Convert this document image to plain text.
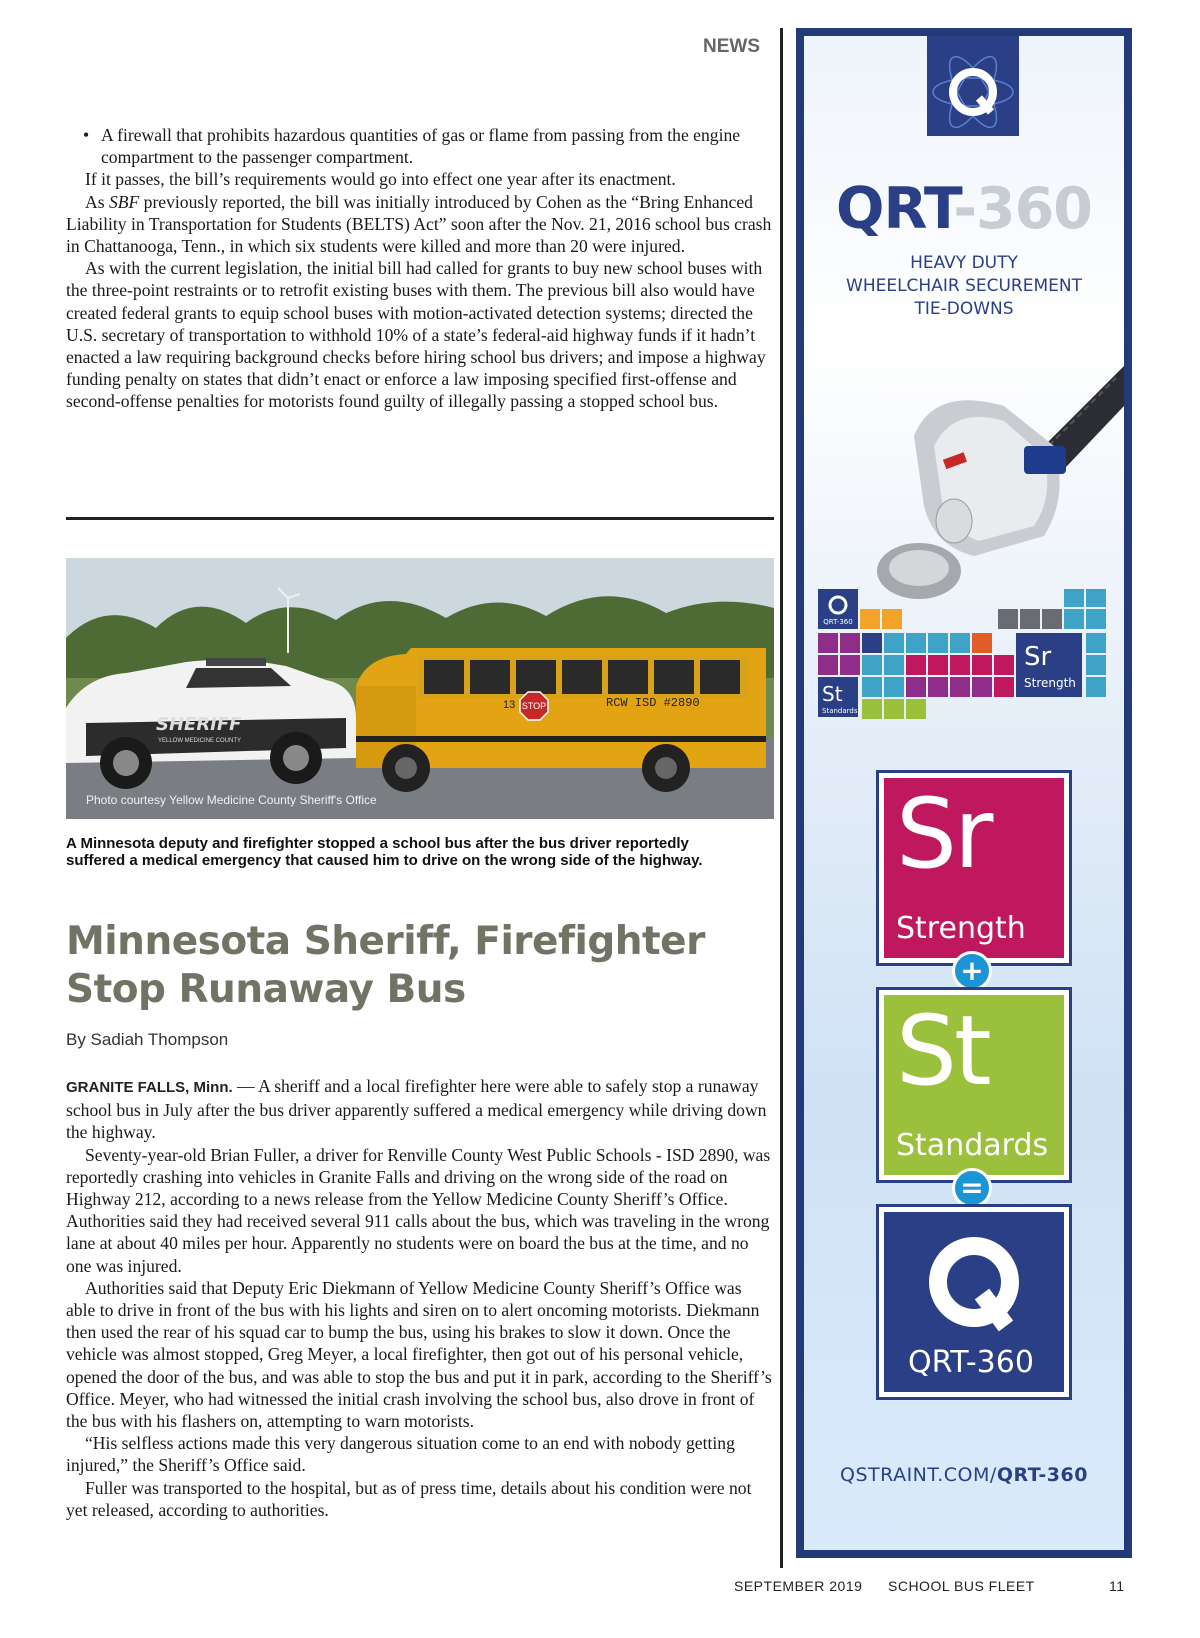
NEWS

• A firewall that prohibits hazardous quantities of gas or flame from passing from the engine compartment to the passenger compartment.

If it passes, the bill’s requirements would go into effect one year after its enactment.

As SBF previously reported, the bill was initially introduced by Cohen as the “Bring Enhanced Liability in Transportation for Students (BELTS) Act” soon after the Nov. 21, 2016 school bus crash in Chattanooga, Tenn., in which six students were killed and more than 20 were injured.

As with the current legislation, the initial bill had called for grants to buy new school buses with the three-point restraints or to retrofit existing buses with them. The previous bill also would have created federal grants to equip school buses with motion-activated detection systems; directed the U.S. secretary of transportation to withhold 10% of a state’s federal-aid highway funds if it hadn’t enacted a law requiring background checks before hiring school bus drivers; and impose a highway funding penalty on states that didn’t enact or enforce a law imposing specified first-offense and second-offense penalties for motorists found guilty of illegally passing a stopped school bus.

STOP
13	RCW ISD #2890
SHERIFF
YELLOW MEDICINE COUNTY
Photo courtesy Yellow Medicine County Sheriff's Office
A Minnesota deputy and firefighter stopped a school bus after the bus driver reportedly suffered a medical emergency that caused him to drive on the wrong side of the highway.
Minnesota Sheriff, Firefighter
Stop Runaway Bus
By Sadiah Thompson

GRANITE FALLS, Minn. — A sheriff and a local firefighter here were able to safely stop a runaway school bus in July after the bus driver apparently suffered a medical emergency while driving down the highway.

Seventy-year-old Brian Fuller, a driver for Renville County West Public Schools - ISD 2890, was reportedly crashing into vehicles in Granite Falls and driving on the wrong side of the road on Highway 212, according to a news release from the Yellow Medicine County Sheriff’s Office. Authorities said they had received several 911 calls about the bus, which was traveling in the wrong lane at about 40 miles per hour. Apparently no students were on board the bus at the time, and no one was injured.

Authorities said that Deputy Eric Diekmann of Yellow Medicine County Sheriff’s Office was able to drive in front of the bus with his lights and siren on to alert oncoming motorists. Diekmann then used the rear of his squad car to bump the bus, using his brakes to slow it down. Once the vehicle was almost stopped, Greg Meyer, a local firefighter, then got out of his personal vehicle, opened the door of the bus, and was able to stop the bus and put it in park, according to the Sheriff’s Office. Meyer, who had witnessed the initial crash involving the school bus, also drove in front of the bus with his flashers on, attempting to warn motorists.

“His selfless actions made this very dangerous situation come to an end with nobody getting injured,” the Sheriff’s Office said.

Fuller was transported to the hospital, but as of press time, details about his condition were not yet released, according to authorities.

SEPTEMBER 2019 SCHOOL BUS FLEET	11
QRT-360
HEAVY DUTY
WHEELCHAIR SECUREMENT
TIE-DOWNS
QRT-360
Sr
Strength
St
Standards
Sr
Strength
+
St
Standards
=
QRT-360
QSTRAINT.COM/QRT-360
